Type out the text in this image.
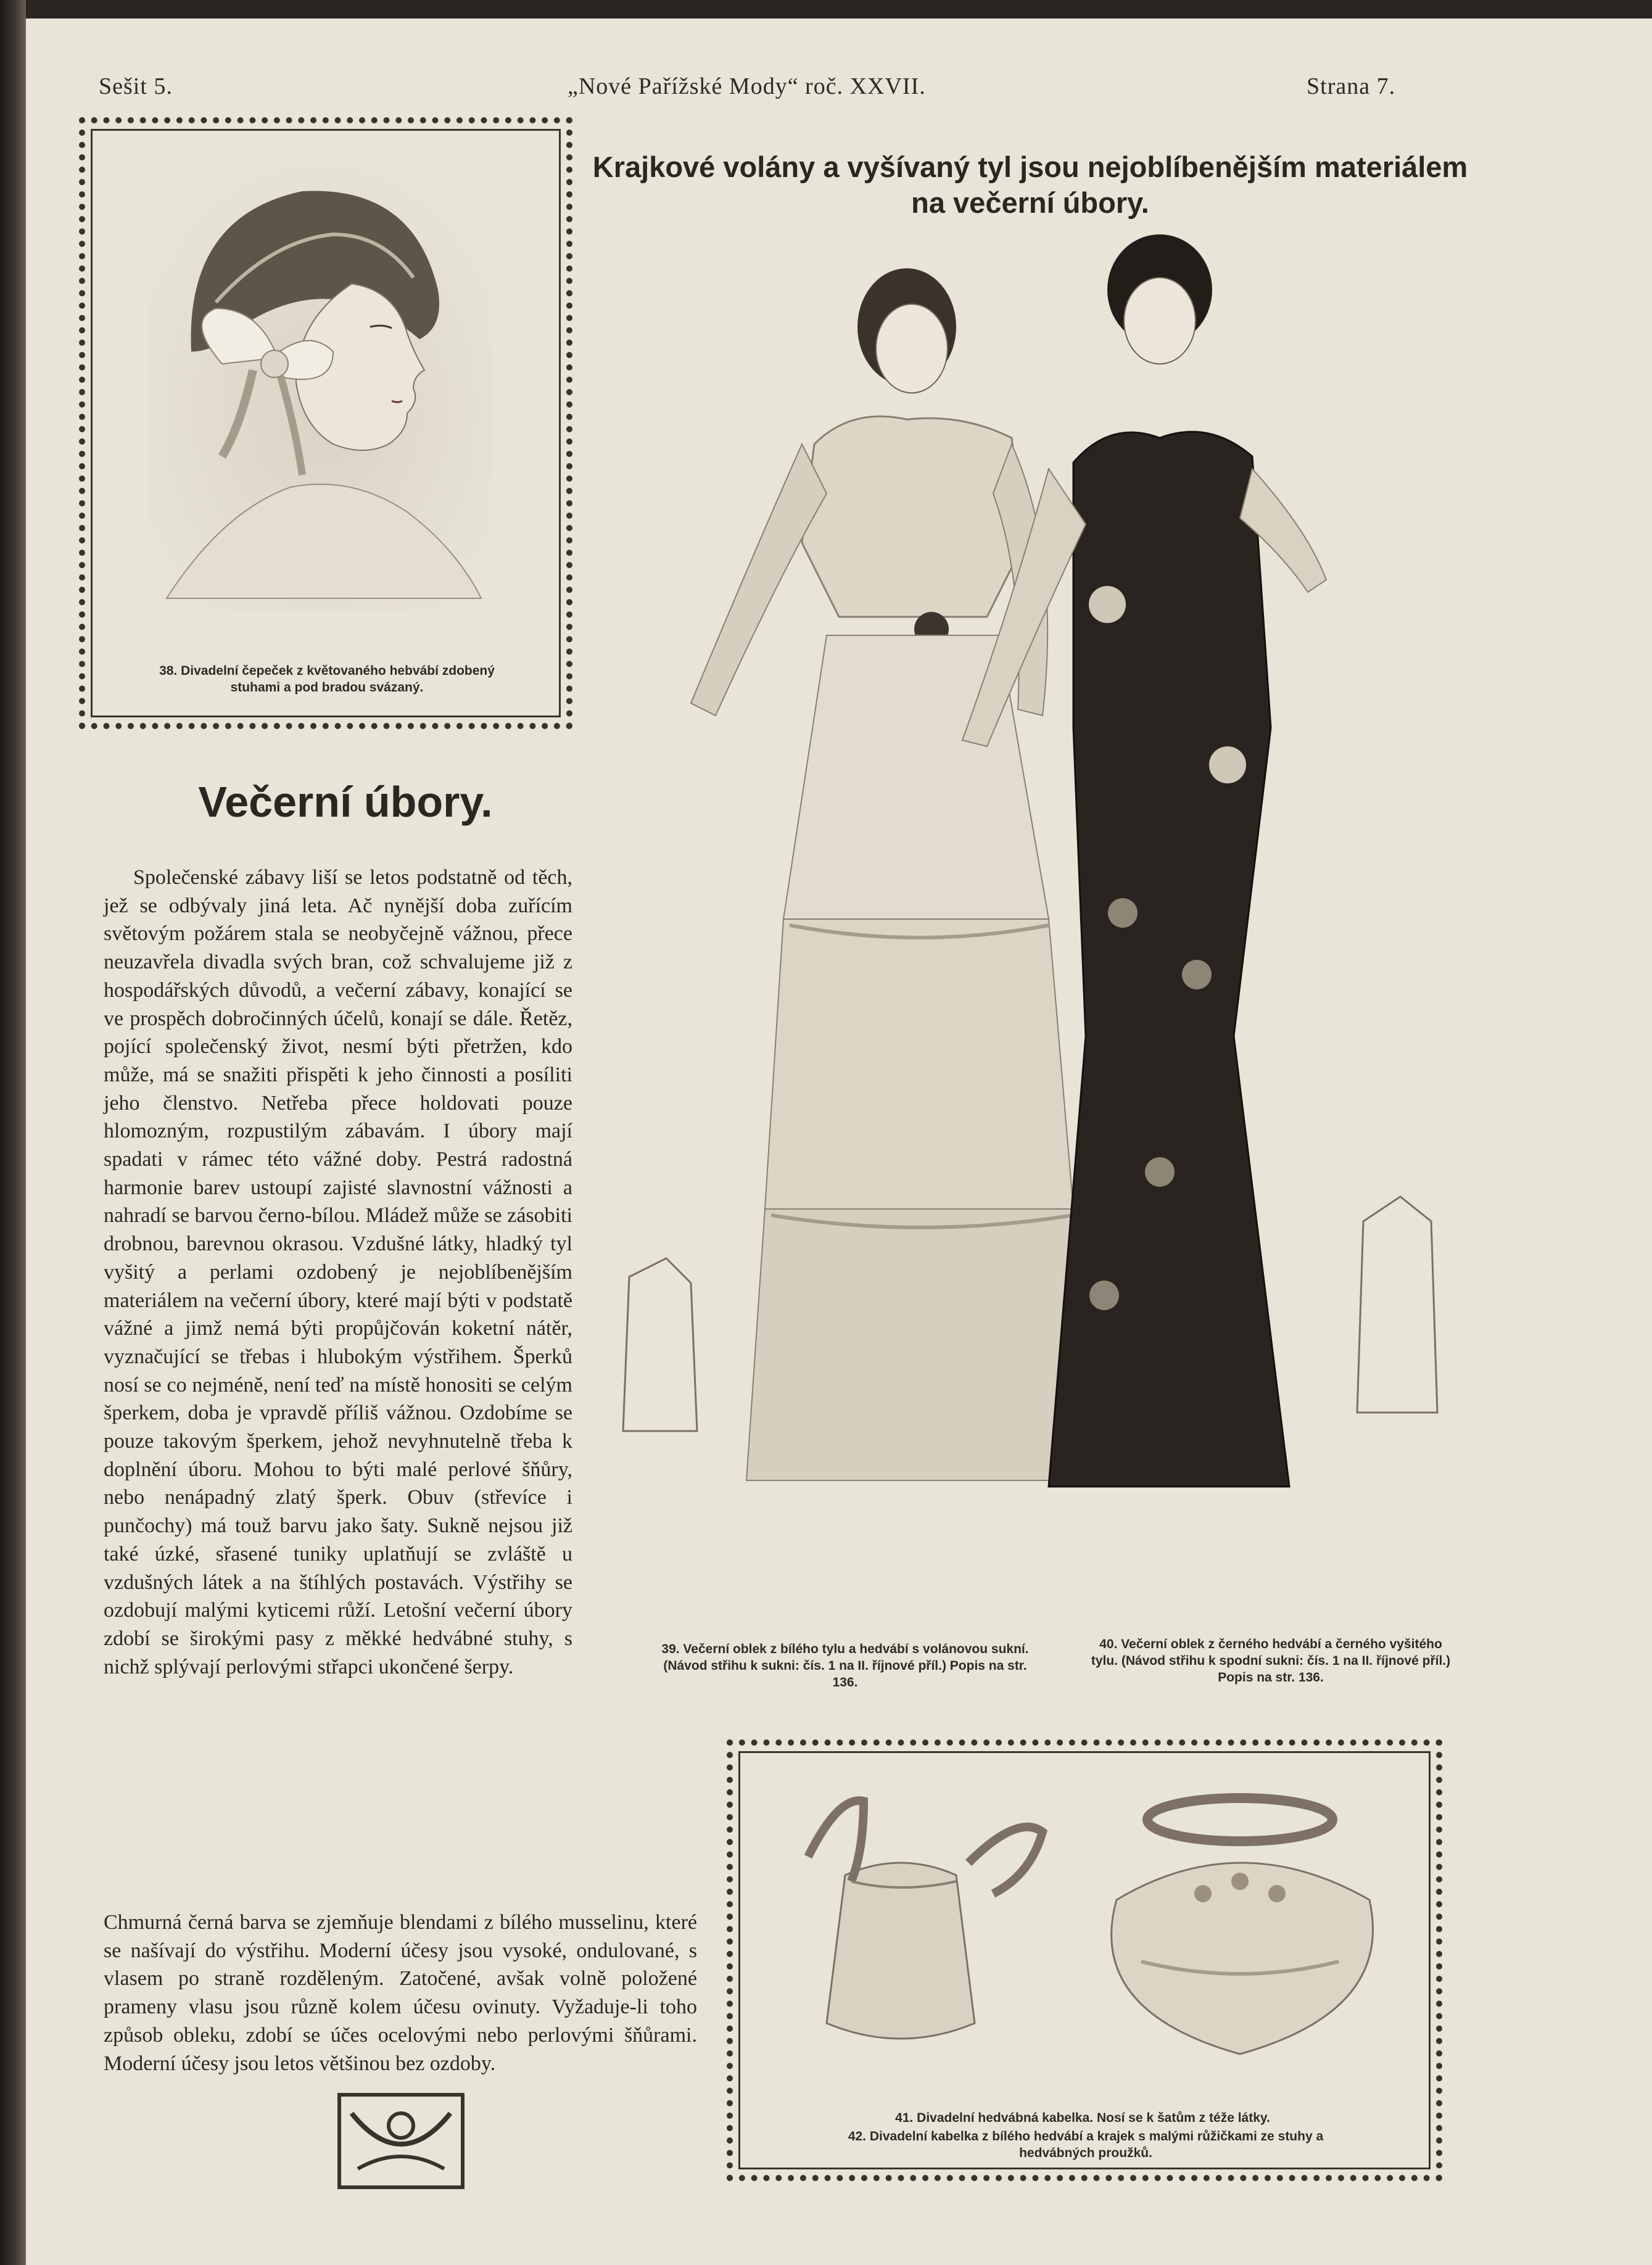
Sešit 5.	„Nové Pařížské Mody“ roč. XXVII.	Strana 7.
38. Divadelní čepeček z květovaného hebvábí zdobený stuhami a pod bradou svázaný.
Krajkové volány a vyšívaný tyl jsou nejoblíbenějším materiálem na večerní úbory.
39. Večerní oblek z bílého tylu a hedvábí s volánovou sukní. (Návod střihu k sukni: čís. 1 na II. říjnové příl.) Popis na str. 136.
40. Večerní oblek z černého hedvábí a černého vyšitého tylu. (Návod střihu k spodní sukni: čís. 1 na II. říjnové příl.) Popis na str. 136.
Večerní úbory.

Společenské zábavy liší se letos podstatně od těch, jež se odbývaly jiná leta. Ač nynější doba zuřícím světovým požárem stala se neobyčejně vážnou, přece neuzavřela divadla svých bran, což schvalujeme již z hospodářských důvodů, a večerní zábavy, konající se ve prospěch dobročinných účelů, konají se dále. Řetěz, pojící společenský život, nesmí býti přetržen, kdo může, má se snažiti přispěti k jeho činnosti a posíliti jeho členstvo. Netřeba přece holdovati pouze hlomozným, rozpustilým zábavám. I úbory mají spadati v rámec této vážné doby. Pestrá radostná harmonie barev ustoupí zajisté slavnostní vážnosti a nahradí se barvou černo-bílou. Mládež může se zásobiti drobnou, barevnou okrasou. Vzdušné látky, hladký tyl vyšitý a perlami ozdobený je nejoblíbenějším materiálem na večerní úbory, které mají býti v podstatě vážné a jimž nemá býti propůjčován koketní nátěr, vyznačující se třebas i hlubokým výstřihem. Šperků nosí se co nejméně, není teď na místě honositi se celým šperkem, doba je vpravdě příliš vážnou. Ozdobíme se pouze takovým šperkem, jehož nevyhnutelně třeba k doplnění úboru. Mohou to býti malé perlové šňůry, nebo nenápadný zlatý šperk. Obuv (střevíce i punčochy) má touž barvu jako šaty. Sukně nejsou již také úzké, sřasené tuniky uplatňují se zvláště u vzdušných látek a na štíhlých postavách. Výstřihy se ozdobují malými kyticemi růží. Letošní večerní úbory zdobí se širokými pasy z měkké hedvábné stuhy, s nichž splývají perlovými střapci ukončené šerpy.

Chmurná černá barva se zjemňuje blendami z bílého musselinu, které se našívají do výstřihu. Moderní účesy jsou vysoké, ondulované, s vlasem po straně rozděleným. Zatočené, avšak volně položené prameny vlasu jsou různě kolem účesu ovinuty. Vyžaduje-li toho způsob obleku, zdobí se účes ocelovými nebo perlovými šňůrami. Moderní účesy jsou letos většinou bez ozdoby.

41. Divadelní hedvábná kabelka. Nosí se k šatům z téže látky.
42. Divadelní kabelka z bílého hedvábí a krajek s malými růžičkami ze stuhy a hedvábných proužků.
